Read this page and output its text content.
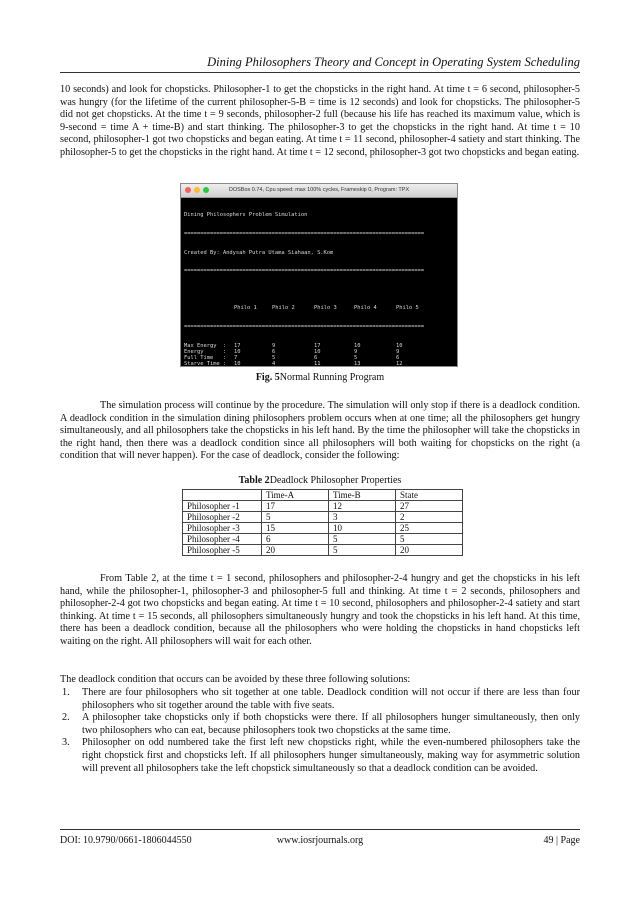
Dining Philosophers Theory and Concept in Operating System Scheduling

10 seconds) and look for chopsticks. Philosopher-1 to get the chopsticks in the right hand. At time t = 6 second, philosopher-5 was hungry (for the lifetime of the current philosopher-5-B = time is 12 seconds) and look for chopsticks. The philosopher-5 did not get chopsticks. At the time t = 9 seconds, philosopher-2 full (because his life has reached its maximum value, which is 9-second = time A + time-B) and start thinking. The philosopher-3 to get the chopsticks in the right hand. At time t = 10 second, philosopher-1 got two chopsticks and began eating. At time t = 11 second, philosopher-4 satiety and start thinking. The philosopher-5 to get the chopsticks in the right hand. At time t = 12 second, philosopher-3 got two chopsticks and began eating.

DOSBox 0.74, Cpu speed: max 100% cycles, Frameskip 0, Program: TPX

Dining Philosophers Problem Simulation

==========================================================================

Created By: Andysah Putra Utama Siahaan, S.Kom

==========================================================================

Philo 1	Philo 2	Philo 3	Philo 4	Philo 5

==========================================================================

Max Energy : 17	9	17	10	10
Energy	: 10	6	10	9	9
Full Time : 7	5	6	5	6
Starve Time : 10	4	11	13	12

Fig. 5Normal Running Program

The simulation process will continue by the procedure. The simulation will only stop if there is a deadlock condition. A deadlock condition in the simulation dining philosophers problem occurs when at one time; all the philosophers get hungry simultaneously, and all philosophers take the chopsticks in his left hand. By the time the philosopher will take the chopsticks in the right hand, then there was a deadlock condition since all philosophers will both waiting for chopsticks on the right (a condition that will never happen). For the case of deadlock, consider the following:

Table 2Deadlock Philosopher Properties
	Time-A	Time-B	State
Philosopher -1	17	12	27
Philosopher -2	5	3	2
Philosopher -3	15	10	25
Philosopher -4	6	5	5
Philosopher -5	20	5	20

From Table 2, at the time t = 1 second, philosophers and philosopher-2-4 hungry and get the chopsticks in his left hand, while the philosopher-1, philosopher-3 and philosopher-5 full and thinking. At time t = 2 seconds, philosophers and philosopher-2-4 got two chopsticks and began eating. At time t = 10 second, philosophers and philosopher-2-4 satiety and start thinking. At time t = 15 seconds, all philosophers simultaneously hungry and took the chopsticks in his left hand. At this time, there has been a deadlock condition, because all the philosophers who were holding the chopsticks in hand chopsticks left waiting on the right. All philosophers will wait for each other.

The deadlock condition that occurs can be avoided by these three following solutions:

1. There are four philosophers who sit together at one table. Deadlock condition will not occur if there are less than four philosophers who sit together around the table with five seats.
2. A philosopher take chopsticks only if both chopsticks were there. If all philosophers hunger simultaneously, then only two philosophers who can eat, because philosophers took two chopsticks at the same time.
3. Philosopher on odd numbered take the first left new chopsticks right, while the even-numbered philosophers take the right chopstick first and chopsticks left. If all philosophers hunger simultaneously, making way for asymmetric solution will prevent all philosophers take the left chopstick simultaneously so that a deadlock condition can be avoided.
DOI: 10.9790/0661-1806044550	www.iosrjournals.org	49 | Page
